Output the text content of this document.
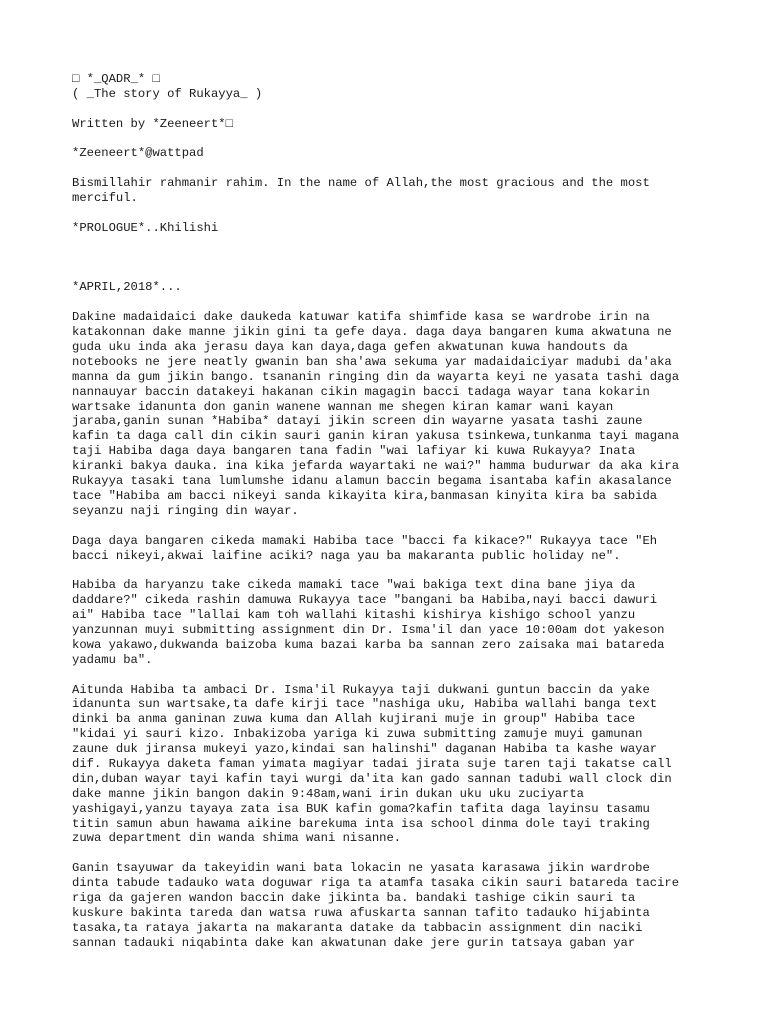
□ *_QADR_* □
( _The story of Rukayya_ )
Written by *Zeeneert*□
*Zeeneert*@wattpad
Bismillahir rahmanir rahim. In the name of Allah,the most gracious and the most
merciful.
*PROLOGUE*..Khilishi
*APRIL,2018*...
Dakine madaidaici dake daukeda katuwar katifa shimfide kasa se wardrobe irin na
katakonnan dake manne jikin gini ta gefe daya. daga daya bangaren kuma akwatuna ne
guda uku inda aka jerasu daya kan daya,daga gefen akwatunan kuwa handouts da
notebooks ne jere neatly gwanin ban sha'awa sekuma yar madaidaiciyar madubi da'aka
manna da gum jikin bango. tsananin ringing din da wayarta keyi ne yasata tashi daga
nannauyar baccin datakeyi hakanan cikin magagin bacci tadaga wayar tana kokarin
wartsake idanunta don ganin wanene wannan me shegen kiran kamar wani kayan
jaraba,ganin sunan *Habiba* datayi jikin screen din wayarne yasata tashi zaune
kafin ta daga call din cikin sauri ganin kiran yakusa tsinkewa,tunkanma tayi magana
taji Habiba daga daya bangaren tana fadin "wai lafiyar ki kuwa Rukayya? Inata
kiranki bakya dauka. ina kika jefarda wayartaki ne wai?" hamma budurwar da aka kira
Rukayya tasaki tana lumlumshe idanu alamun baccin begama isantaba kafin akasalance
tace "Habiba am bacci nikeyi sanda kikayita kira,banmasan kinyita kira ba sabida
seyanzu naji ringing din wayar.
Daga daya bangaren cikeda mamaki Habiba tace "bacci fa kikace?" Rukayya tace "Eh
bacci nikeyi,akwai laifine aciki? naga yau ba makaranta public holiday ne".
Habiba da haryanzu take cikeda mamaki tace "wai bakiga text dina bane jiya da
daddare?" cikeda rashin damuwa Rukayya tace "bangani ba Habiba,nayi bacci dawuri
ai" Habiba tace "lallai kam toh wallahi kitashi kishirya kishigo school yanzu
yanzunnan muyi submitting assignment din Dr. Isma'il dan yace 10:00am dot yakeson
kowa yakawo,dukwanda baizoba kuma bazai karba ba sannan zero zaisaka mai batareda
yadamu ba".
Aitunda Habiba ta ambaci Dr. Isma'il Rukayya taji dukwani guntun baccin da yake
idanunta sun wartsake,ta dafe kirji tace "nashiga uku, Habiba wallahi banga text
dinki ba anma ganinan zuwa kuma dan Allah kujirani muje in group" Habiba tace
"kidai yi sauri kizo. Inbakizoba yariga ki zuwa submitting zamuje muyi gamunan
zaune duk jiransa mukeyi yazo,kindai san halinshi" daganan Habiba ta kashe wayar
dif. Rukayya daketa faman yimata magiyar tadai jirata suje taren taji takatse call
din,duban wayar tayi kafin tayi wurgi da'ita kan gado sannan tadubi wall clock din
dake manne jikin bangon dakin 9:48am,wani irin dukan uku uku zuciyarta
yashigayi,yanzu tayaya zata isa BUK kafin goma?kafin tafita daga layinsu tasamu
titin samun abun hawama aikine barekuma inta isa school dinma dole tayi traking
zuwa department din wanda shima wani nisanne.
Ganin tsayuwar da takeyidin wani bata lokacin ne yasata karasawa jikin wardrobe
dinta tabude tadauko wata doguwar riga ta atamfa tasaka cikin sauri batareda tacire
riga da gajeren wandon baccin dake jikinta ba. bandaki tashige cikin sauri ta
kuskure bakinta tareda dan watsa ruwa afuskarta sannan tafito tadauko hijabinta
tasaka,ta rataya jakarta na makaranta datake da tabbacin assignment din naciki
sannan tadauki niqabinta dake kan akwatunan dake jere gurin tatsaya gaban yar
